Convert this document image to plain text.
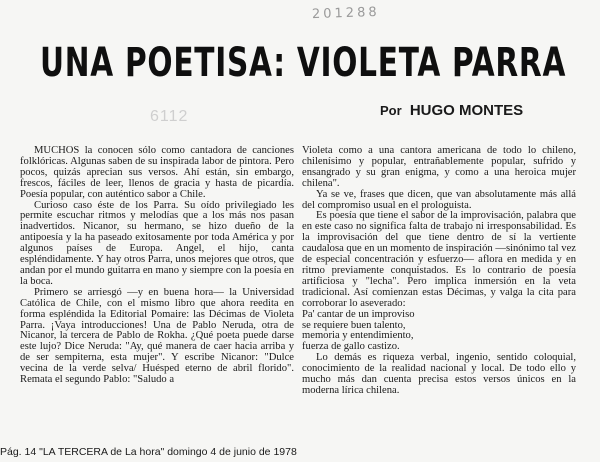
201288
6112
UNA POETISA: VIOLETA PARRA
Por HUGO MONTES

MUCHOS la conocen sólo como cantadora de canciones folklóricas. Algunas saben de su inspirada labor de pintora. Pero pocos, quizás aprecian sus versos. Ahí están, sin embargo, frescos, fáciles de leer, llenos de gracia y hasta de picardía. Poesía popular, con auténtico sabor a Chile.

Curioso caso éste de los Parra. Su oído privilegiado les permite escuchar ritmos y melodías que a los más nos pasan inadvertidos. Nicanor, su hermano, se hizo dueño de la antipoesía y la ha paseado exitosamente por toda América y por algunos países de Europa. Angel, el hijo, canta espléndidamente. Y hay otros Parra, unos mejores que otros, que andan por el mundo guitarra en mano y siempre con la poesía en la boca.

Primero se arriesgó —y en buena hora— la Universidad Católica de Chile, con el mismo libro que ahora reedita en forma espléndida la Editorial Pomaire: las Décimas de Violeta Parra. ¡Vaya introducciones! Una de Pablo Neruda, otra de Nicanor, la tercera de Pablo de Rokha. ¿Qué poeta puede darse este lujo? Dice Neruda: "Ay, qué manera de caer hacia arriba y de ser sempiterna, esta mujer". Y escribe Nicanor: "Dulce vecina de la verde selva/ Huésped eterno de abril florido". Remata el segundo Pablo: "Saludo a

Violeta como a una cantora americana de todo lo chileno, chilenísimo y popular, entrañablemente popular, sufrido y ensangrado y su gran enigma, y como a una heroica mujer chilena".

Ya se ve, frases que dicen, que van absolutamente más allá del compromiso usual en el prologuista.

Es poesía que tiene el sabor de la improvisación, palabra que en este caso no significa falta de trabajo ni irresponsabilidad. Es la improvisación del que tiene dentro de sí la vertiente caudalosa que en un momento de inspiración —sinónimo tal vez de especial concentración y esfuerzo— aflora en medida y en ritmo previamente conquistados. Es lo contrario de poesía artificiosa y "lecha". Pero implica inmersión en la veta tradicional. Así comienzan estas Décimas, y valga la cita para corroborar lo aseverado:

Pa' cantar de un improviso

se requiere buen talento,

memoria y entendimiento,

fuerza de gallo castizo.

Lo demás es riqueza verbal, ingenio, sentido coloquial, conocimiento de la realidad nacional y local. De todo ello y mucho más dan cuenta precisa estos versos únicos en la moderna lírica chilena.

Pág. 14 "LA TERCERA de La hora" domingo 4 de junio de 1978
